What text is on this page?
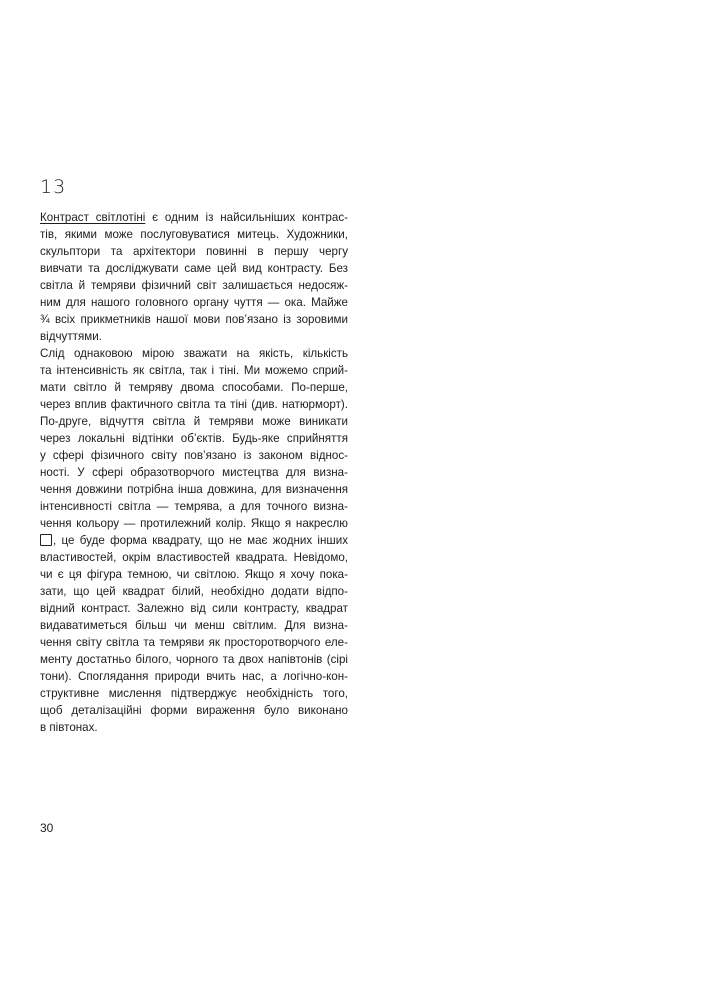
13
Контраст світлотіні є одним із найсильніших контрас-
тів, якими може послуговуватися митець. Художники,
скульптори та архітектори повинні в першу чергу
вивчати та досліджувати саме цей вид контрасту. Без
світла й темряви фізичний світ залишається недосяж-
ним для нашого головного органу чуття — ока. Майже
¾ всіх прикметників нашої мови пов’язано із зоровими
відчуттями.
Слід однаковою мірою зважати на якість, кількість
та інтенсивність як світла, так і тіні. Ми можемо сприй-
мати світло й темряву двома способами. По-перше,
через вплив фактичного світла та тіні (див. натюрморт).
По-друге, відчуття світла й темряви може виникати
через локальні відтінки об’єктів. Будь-яке сприйняття
у сфері фізичного світу пов’язано із законом віднос-
ності. У сфері образотворчого мистецтва для визна-
чення довжини потрібна інша довжина, для визначення
інтенсивності світла — темрява, а для точного визна-
чення кольору — протилежний колір. Якщо я накреслю
, це буде форма квадрату, що не має жодних інших
властивостей, окрім властивостей квадрата. Невідомо,
чи є ця фігура темною, чи світлою. Якщо я хочу пока-
зати, що цей квадрат білий, необхідно додати відпо-
відний контраст. Залежно від сили контрасту, квадрат
видаватиметься більш чи менш світлим. Для визна-
чення світу світла та темряви як просторотворчого еле-
менту достатньо білого, чорного та двох напівтонів (сірі
тони). Споглядання природи вчить нас, а логічно-кон-
структивне мислення підтверджує необхідність того,
щоб деталізаційні форми вираження було виконано
в півтонах.
30
